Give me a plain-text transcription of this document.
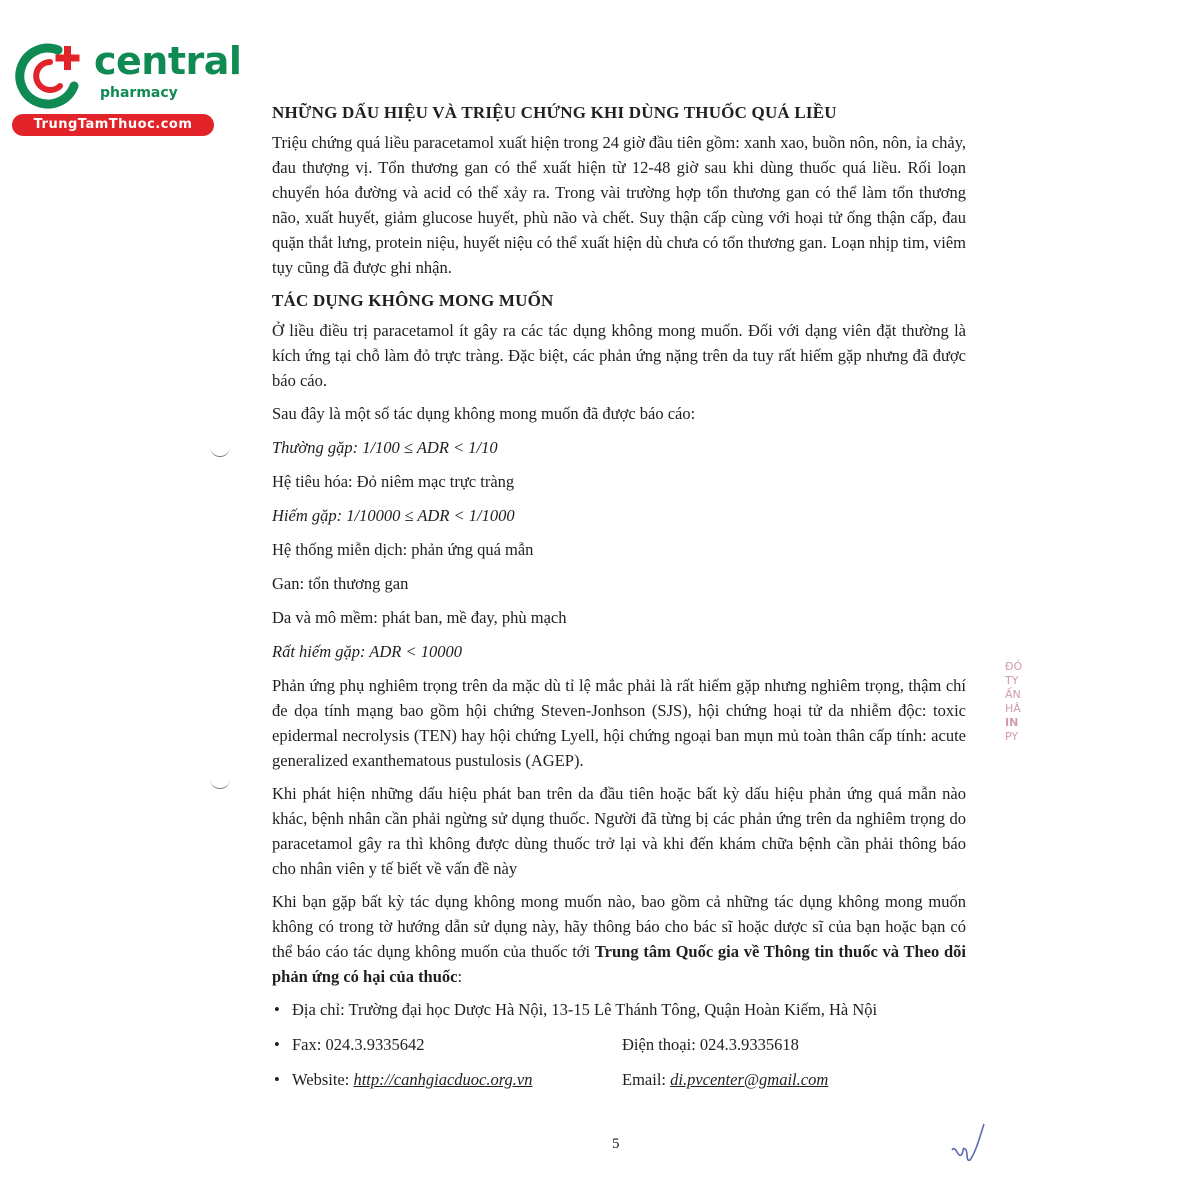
central
pharmacy
TrungTamThuoc.com
NHỮNG DẤU HIỆU VÀ TRIỆU CHỨNG KHI DÙNG THUỐC QUÁ LIỀU

Triệu chứng quá liều paracetamol xuất hiện trong 24 giờ đầu tiên gồm: xanh xao, buồn nôn, nôn, ỉa chảy, đau thượng vị. Tổn thương gan có thể xuất hiện từ 12-48 giờ sau khi dùng thuốc quá liều. Rối loạn chuyển hóa đường và acid có thể xảy ra. Trong vài trường hợp tổn thương gan có thể làm tổn thương não, xuất huyết, giảm glucose huyết, phù não và chết. Suy thận cấp cùng với hoại tử ống thận cấp, đau quặn thắt lưng, protein niệu, huyết niệu có thể xuất hiện dù chưa có tổn thương gan. Loạn nhịp tim, viêm tụy cũng đã được ghi nhận.

TÁC DỤNG KHÔNG MONG MUỐN

Ở liều điều trị paracetamol ít gây ra các tác dụng không mong muốn. Đối với dạng viên đặt thường là kích ứng tại chỗ làm đỏ trực tràng. Đặc biệt, các phản ứng nặng trên da tuy rất hiếm gặp nhưng đã được báo cáo.

Sau đây là một số tác dụng không mong muốn đã được báo cáo:
Thường gặp: 1/100 ≤ ADR < 1/10
Hệ tiêu hóa: Đỏ niêm mạc trực tràng
Hiếm gặp: 1/10000 ≤ ADR < 1/1000
Hệ thống miễn dịch: phản ứng quá mẫn
Gan: tổn thương gan
Da và mô mềm: phát ban, mề đay, phù mạch
Rất hiếm gặp: ADR < 10000

Phản ứng phụ nghiêm trọng trên da mặc dù tỉ lệ mắc phải là rất hiếm gặp nhưng nghiêm trọng, thậm chí đe dọa tính mạng bao gồm hội chứng Steven-Jonhson (SJS), hội chứng hoại tử da nhiễm độc: toxic epidermal necrolysis (TEN) hay hội chứng Lyell, hội chứng ngoại ban mụn mủ toàn thân cấp tính: acute generalized exanthematous pustulosis (AGEP).

Khi phát hiện những dấu hiệu phát ban trên da đầu tiên hoặc bất kỳ dấu hiệu phản ứng quá mẫn nào khác, bệnh nhân cần phải ngừng sử dụng thuốc. Người đã từng bị các phản ứng trên da nghiêm trọng do paracetamol gây ra thì không được dùng thuốc trở lại và khi đến khám chữa bệnh cần phải thông báo cho nhân viên y tế biết về vấn đề này

Khi bạn gặp bất kỳ tác dụng không mong muốn nào, bao gồm cả những tác dụng không mong muốn không có trong tờ hướng dẫn sử dụng này, hãy thông báo cho bác sĩ hoặc dược sĩ của bạn hoặc bạn có thể báo cáo tác dụng không muốn của thuốc tới Trung tâm Quốc gia về Thông tin thuốc và Theo dõi phản ứng có hại của thuốc:

• Địa chỉ: Trường đại học Dược Hà Nội, 13-15 Lê Thánh Tông, Quận Hoàn Kiếm, Hà Nội
• Fax: 024.3.9335642	Điện thoại: 024.3.9335618
• Website: http://canhgiacduoc.org.vn	Email: di.pvcenter@gmail.com
ĐÓ
TY
ẤN
HÂ
IN
PY
5
